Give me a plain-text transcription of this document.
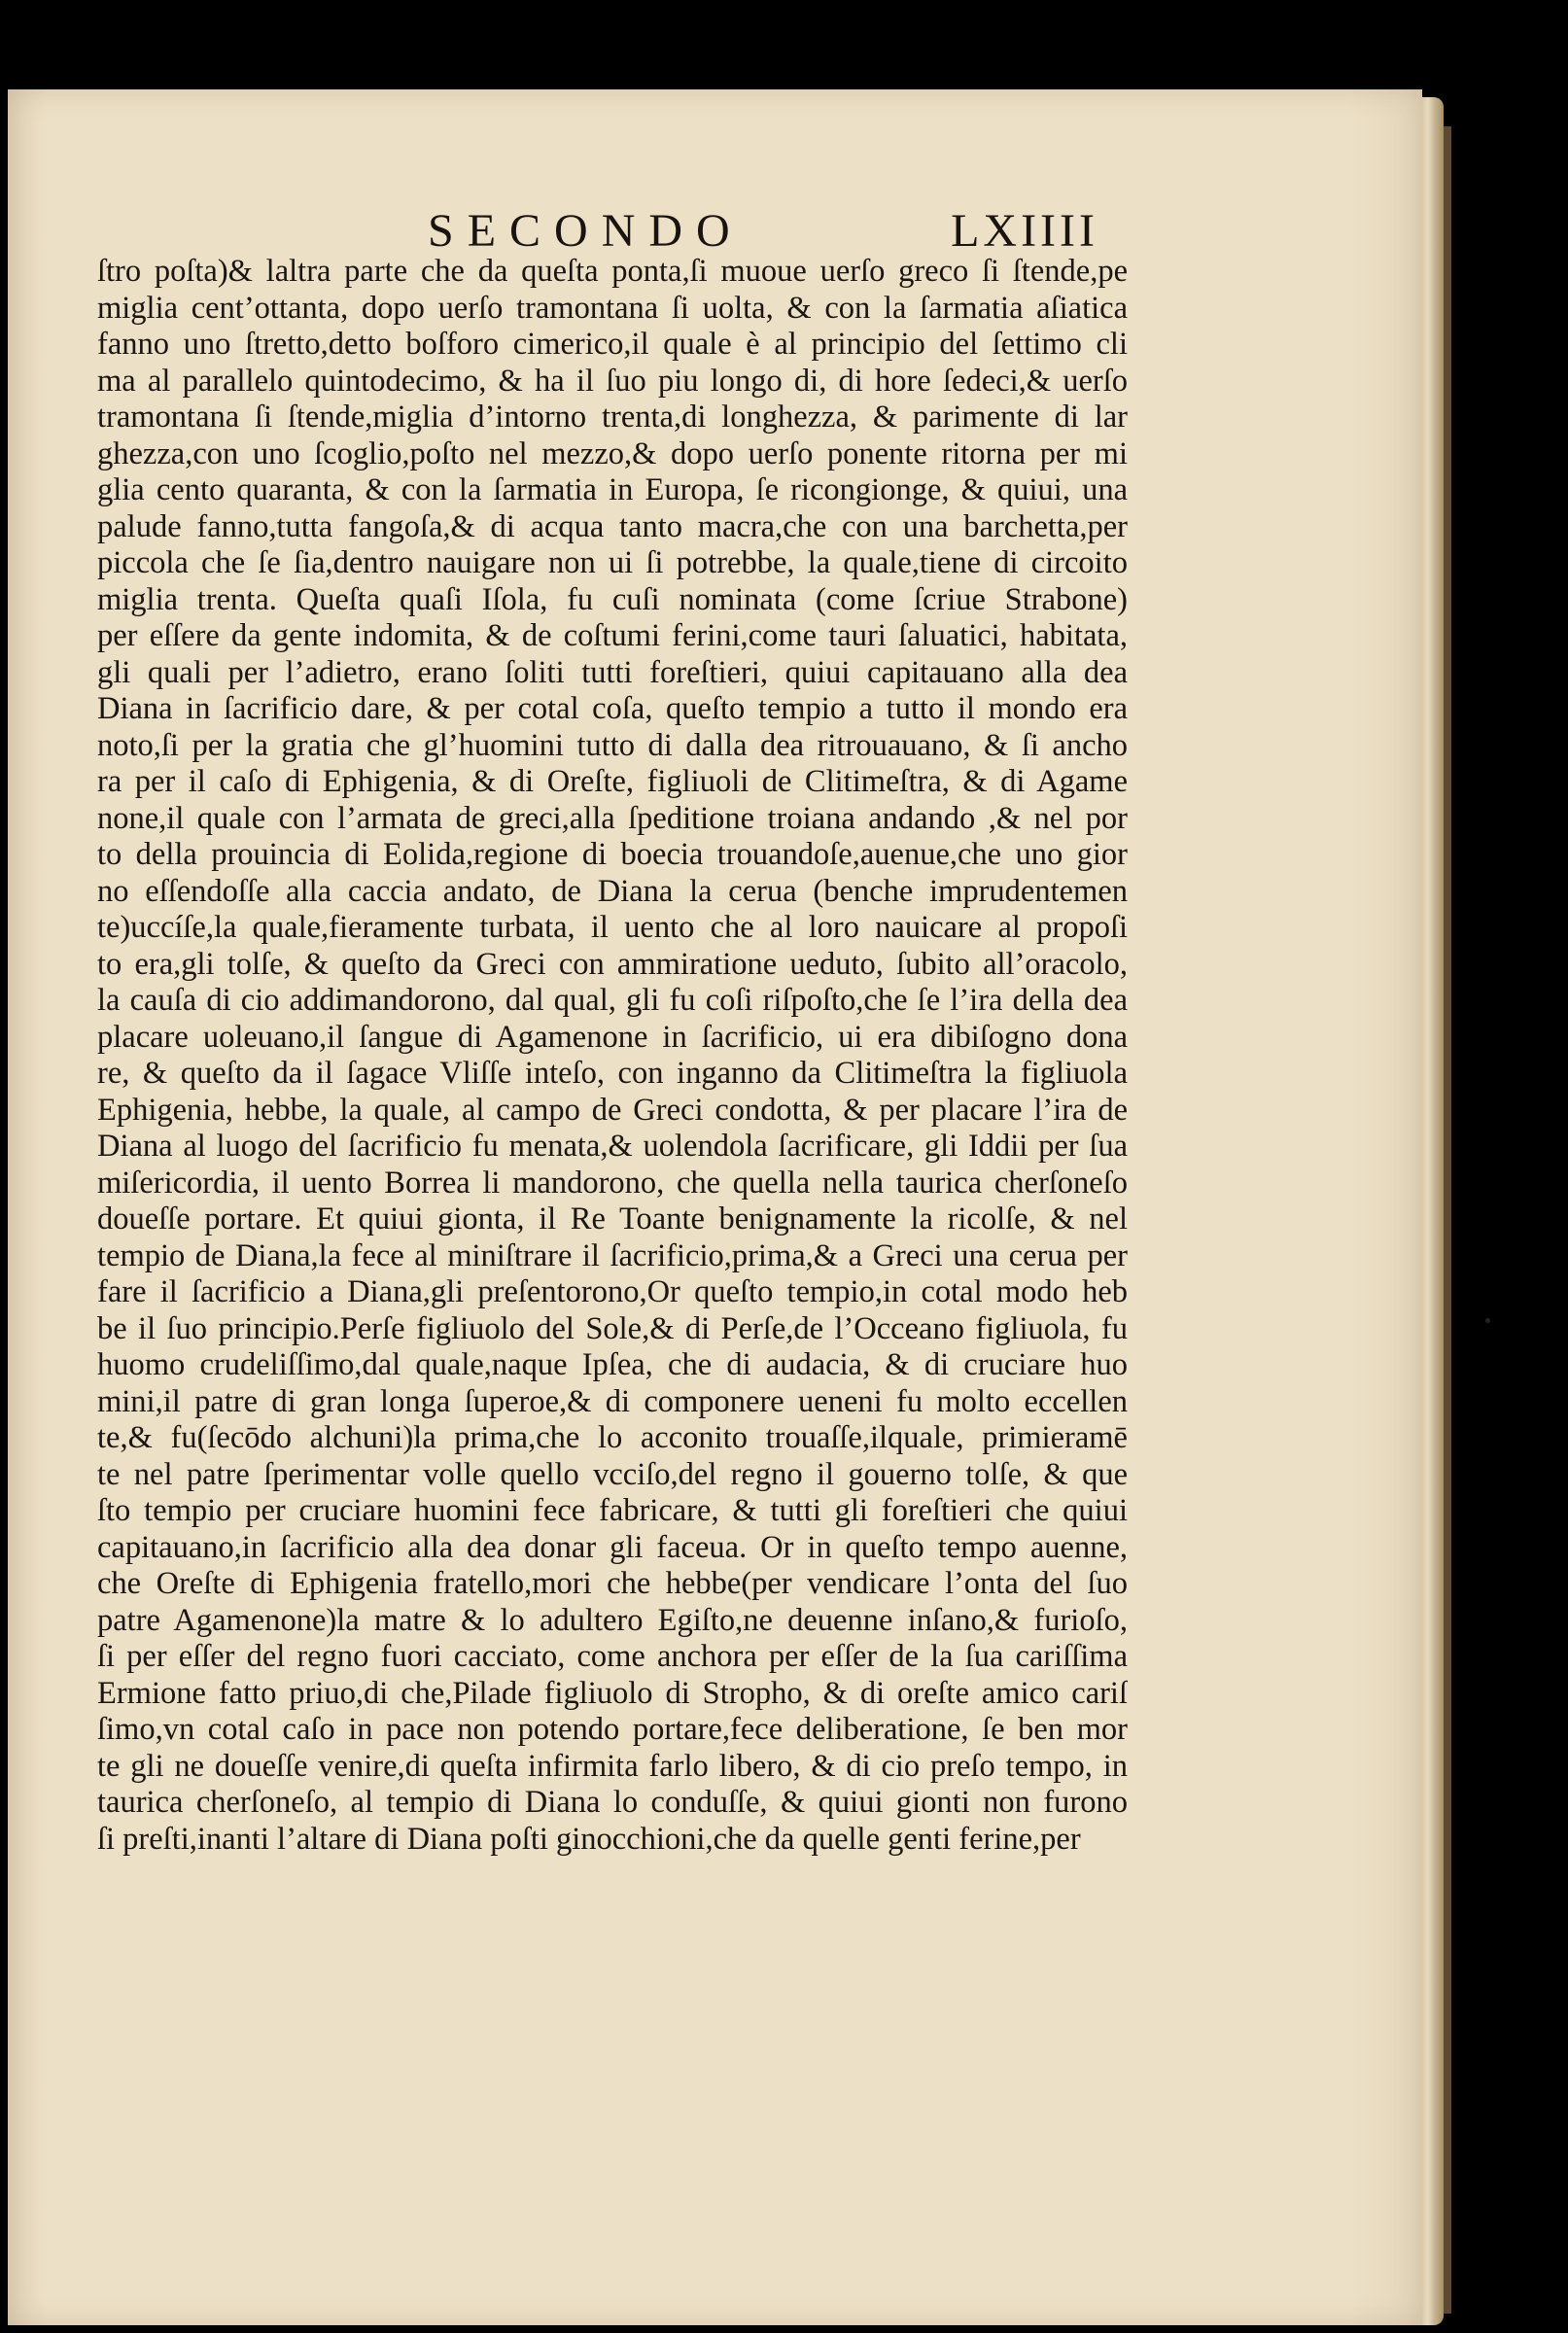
SECONDO	LXIIII
ſtro poſta)& laltra parte che da queſta ponta,ſi muoue uerſo greco ſi ſtende,pe
miglia cent’ottanta, dopo uerſo tramontana ſi uolta, & con la ſarmatia aſiatica
fanno uno ſtretto,detto boſforo cimerico,il quale è al principio del ſettimo cli
ma al parallelo quintodecimo, & ha il ſuo piu longo di, di hore ſedeci,& uerſo
tramontana ſi ſtende,miglia d’intorno trenta,di longhezza, & parimente di lar
ghezza,con uno ſcoglio,poſto nel mezzo,& dopo uerſo ponente ritorna per mi
glia cento quaranta, & con la ſarmatia in Europa, ſe ricongionge, & quiui, una
palude fanno,tutta fangoſa,& di acqua tanto macra,che con una barchetta,per
piccola che ſe ſia,dentro nauigare non ui ſi potrebbe, la quale,tiene di circoito
miglia trenta. Queſta quaſi Iſola, fu cuſi nominata (come ſcriue Strabone)
per eſſere da gente indomita, & de coſtumi ferini,come tauri ſaluatici, habitata,
gli quali per l’adietro, erano ſoliti tutti foreſtieri, quiui capitauano alla dea
Diana in ſacrificio dare, & per cotal coſa, queſto tempio a tutto il mondo era
noto,ſi per la gratia che gl’huomini tutto di dalla dea ritrouauano, & ſi ancho
ra per il caſo di Ephigenia, & di Oreſte, figliuoli de Clitimeſtra, & di Agame
none,il quale con l’armata de greci,alla ſpeditione troiana andando ,& nel por
to della prouincia di Eolida,regione di boecia trouandoſe,auenue,che uno gior
no eſſendoſſe alla caccia andato, de Diana la ceruа (benche imprudentemen
te)uccíſe,la quale,fieramente turbata, il uento che al loro nauicare al propoſi
to era,gli tolſe, & queſto da Greci con ammiratione ueduto, ſubito all’oracolo,
la cauſa di cio addimandorono, dal qual, gli fu coſi riſpoſto,che ſe l’ira della dea
placare uoleuano,il ſangue di Agamenone in ſacrificio, ui era dibiſogno dona
re, & queſto da il ſagace Vliſſe inteſo, con inganno da Clitimeſtra la figliuola
Ephigenia, hebbe, la quale, al campo de Greci condotta, & per placare l’ira de
Diana al luogo del ſacrificio fu menata,& uolendola ſacrificare, gli Iddii per ſua
miſericordia, il uento Borrea li mandorono, che quella nella taurica cherſoneſo
doueſſe portare. Et quiui gionta, il Re Toante benignamente la ricolſe, & nel
tempio de Diana,la fece al miniſtrare il ſacrificio,prima,& a Greci una cerua per
fare il ſacrificio a Diana,gli preſentorono,Or queſto tempio,in cotal modo heb
be il ſuo principio.Perſe figliuolo del Sole,& di Perſe,de l’Occeano figliuola, fu
huomo crudeliſſimo,dal quale,naque Ipſea, che di audacia, & di cruciare huo
mini,il patre di gran longa ſuperoe,& di componere ueneni fu molto eccellen
te,& fu(ſecōdo alchuni)la prima,che lo acconito trouaſſe,ilquale, primieramē
te nel patre ſperimentar volle quello vcciſo,del regno il gouerno tolſe, & que
ſto tempio per cruciare huomini fece fabricare, & tutti gli foreſtieri che quiui
capitauano,in ſacrificio alla dea donar gli faceua. Or in queſto tempo auenne,
che Oreſte di Ephigenia fratello,mori che hebbe(per vendicare l’onta del ſuo
patre Agamenone)la matre & lo adultero Egiſto,ne deuenne inſano,& furioſo,
ſi per eſſer del regno fuori cacciato, come anchora per eſſer de la ſua cariſſima
Ermione fatto priuo,di che,Pilade figliuolo di Stropho, & di oreſte amico cariſ
ſimo,vn cotal caſo in pace non potendo portare,fece deliberatione, ſe ben mor
te gli ne doueſſe venire,di queſta infirmita farlo libero, & di cio preſo tempo, in
taurica cherſoneſo, al tempio di Diana lo conduſſe, & quiui gionti non furono
ſi preſti,inanti l’altare di Diana poſti ginocchioni,che da quelle genti ferine,per
